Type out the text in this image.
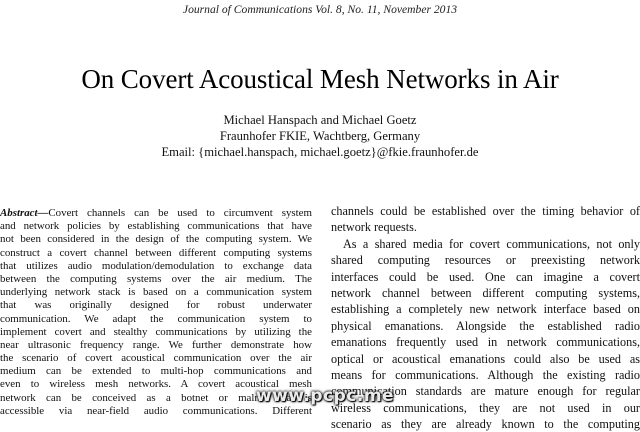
Journal of Communications Vol. 8, No. 11, November 2013
On Covert Acoustical Mesh Networks in Air
Michael Hanspach and Michael Goetz
Fraunhofer FKIE, Wachtberg, Germany
Email: {michael.hanspach, michael.goetz}@fkie.fraunhofer.de
Abstract—Covert channels can be used to circumvent system
and network policies by establishing communications that have
not been considered in the design of the computing system. We
construct a covert channel between different computing systems
that utilizes audio modulation/demodulation to exchange data
between the computing systems over the air medium. The
underlying network stack is based on a communication system
that was originally designed for robust underwater
communication. We adapt the communication system to
implement covert and stealthy communications by utilizing the
near ultrasonic frequency range. We further demonstrate how
the scenario of covert acoustical communication over the air
medium can be extended to multi-hop communications and
even to wireless mesh networks. A covert acoustical mesh
network can be conceived as a botnet or malnet that is
accessible via near-field audio communications. Different
channels could be established over the timing behavior of
network requests.
As a shared media for covert communications, not only
shared computing resources or preexisting network
interfaces could be used. One can imagine a covert
network channel between different computing systems,
establishing a completely new network interface based on
physical emanations. Alongside the established radio
emanations frequently used in network communications,
optical or acoustical emanations could also be used as
means for communications. Although the existing radio
communication standards are mature enough for regular
wireless communications, they are not used in our
scenario as they are already known to the computing
www.pcpc.me
